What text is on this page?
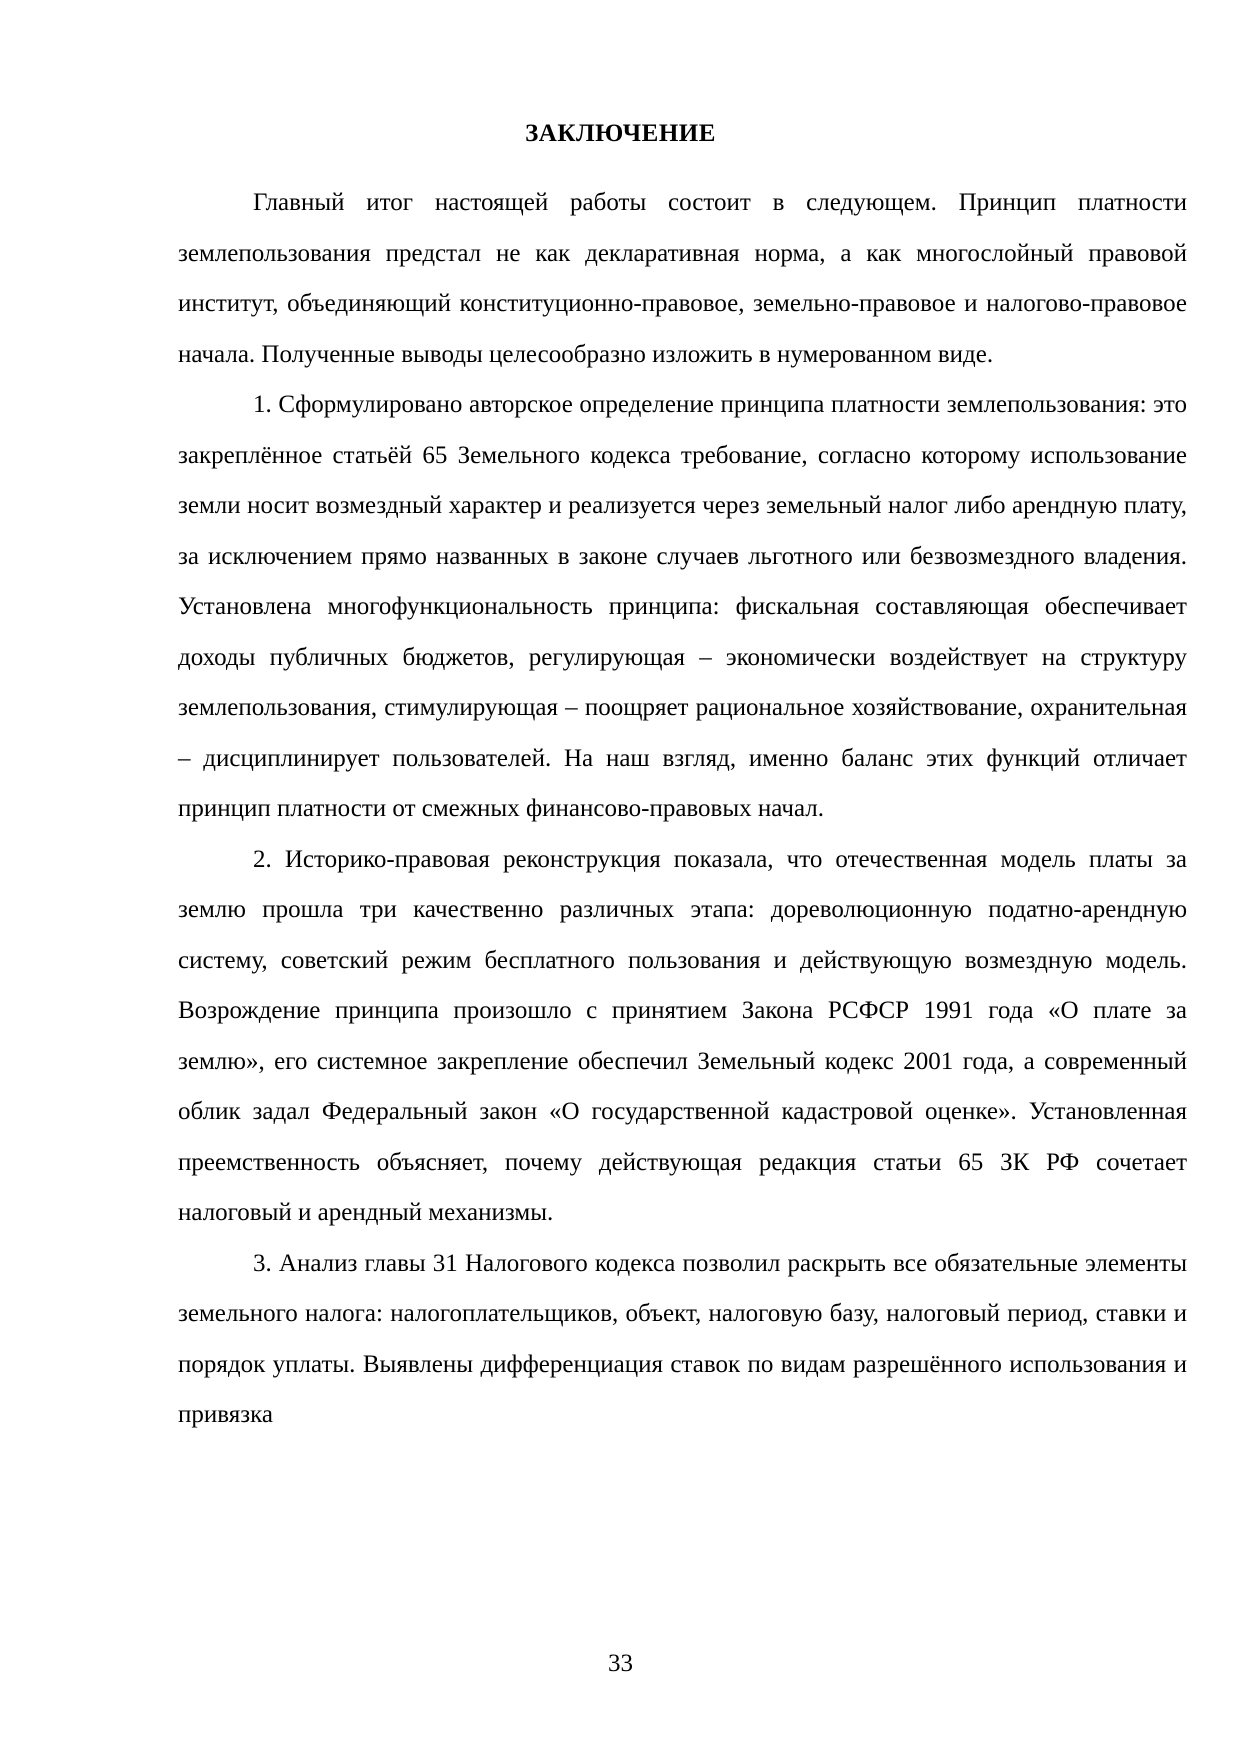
ЗАКЛЮЧЕНИЕ

Главный итог настоящей работы состоит в следующем. Принцип платности землепользования предстал не как декларативная норма, а как многослойный правовой институт, объединяющий конституционно-правовое, земельно-правовое и налогово-правовое начала. Полученные выводы целесообразно изложить в нумерованном виде.

1. Сформулировано авторское определение принципа платности землепользования: это закреплённое статьёй 65 Земельного кодекса требование, согласно которому использование земли носит возмездный характер и реализуется через земельный налог либо арендную плату, за исключением прямо названных в законе случаев льготного или безвозмездного владения. Установлена многофункциональность принципа: фискальная составляющая обеспечивает доходы публичных бюджетов, регулирующая – экономически воздействует на структуру землепользования, стимулирующая – поощряет рациональное хозяйствование, охранительная – дисциплинирует пользователей. На наш взгляд, именно баланс этих функций отличает принцип платности от смежных финансово-правовых начал.

2. Историко-правовая реконструкция показала, что отечественная модель платы за землю прошла три качественно различных этапа: дореволюционную податно-арендную систему, советский режим бесплатного пользования и действующую возмездную модель. Возрождение принципа произошло с принятием Закона РСФСР 1991 года «О плате за землю», его системное закрепление обеспечил Земельный кодекс 2001 года, а современный облик задал Федеральный закон «О государственной кадастровой оценке». Установленная преемственность объясняет, почему действующая редакция статьи 65 ЗК РФ сочетает налоговый и арендный механизмы.

3. Анализ главы 31 Налогового кодекса позволил раскрыть все обязательные элементы земельного налога: налогоплательщиков, объект, налоговую базу, налоговый период, ставки и порядок уплаты. Выявлены дифференциация ставок по видам разрешённого использования и привязка

33
